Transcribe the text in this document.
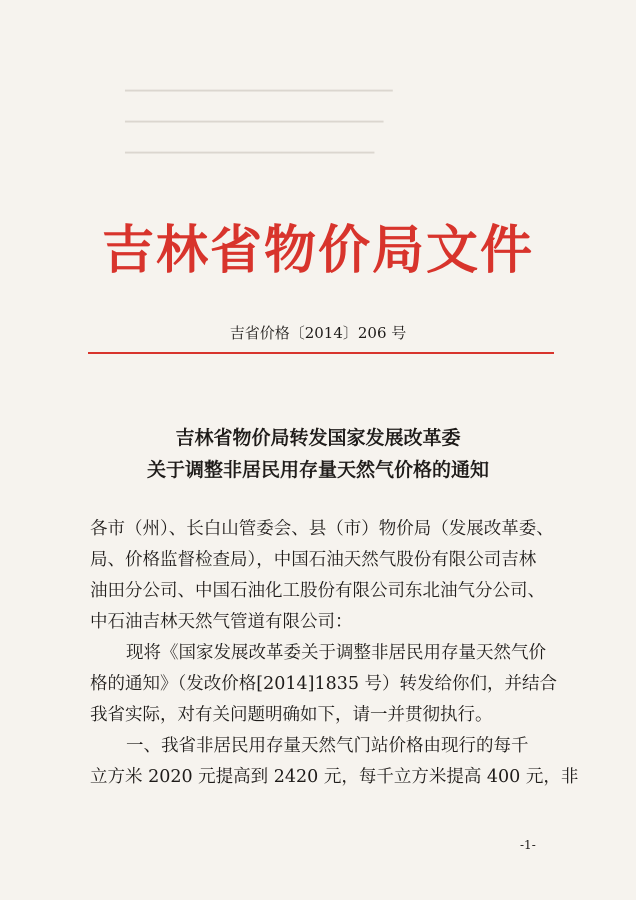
▔▔▔▔▔▔▔▔▔▔▔▔▔▔▔▔▔▔▔▔▔▔▔▔▔▔▔▔▔
▔▔▔▔▔▔▔▔▔▔▔▔▔▔▔▔▔▔▔▔▔▔▔▔▔▔▔▔
▔▔▔▔▔▔▔▔▔▔▔▔▔▔▔▔▔▔▔▔▔▔▔▔▔▔▔
吉林省物价局文件
吉省价格〔2014〕206 号
吉林省物价局转发国家发展改革委
关于调整非居民用存量天然气价格的通知
各市（州）、长白山管委会、县（市）物价局（发展改革委、
局、价格监督检查局），中国石油天然气股份有限公司吉林
油田分公司、中国石油化工股份有限公司东北油气分公司、
中石油吉林天然气管道有限公司：
现将《国家发展改革委关于调整非居民用存量天然气价
格的通知》（发改价格[2014]1835 号）转发给你们，并结合
我省实际，对有关问题明确如下，请一并贯彻执行。
一、我省非居民用存量天然气门站价格由现行的每千
立方米 2020 元提高到 2420 元，每千立方米提高 400 元，非
-1-
